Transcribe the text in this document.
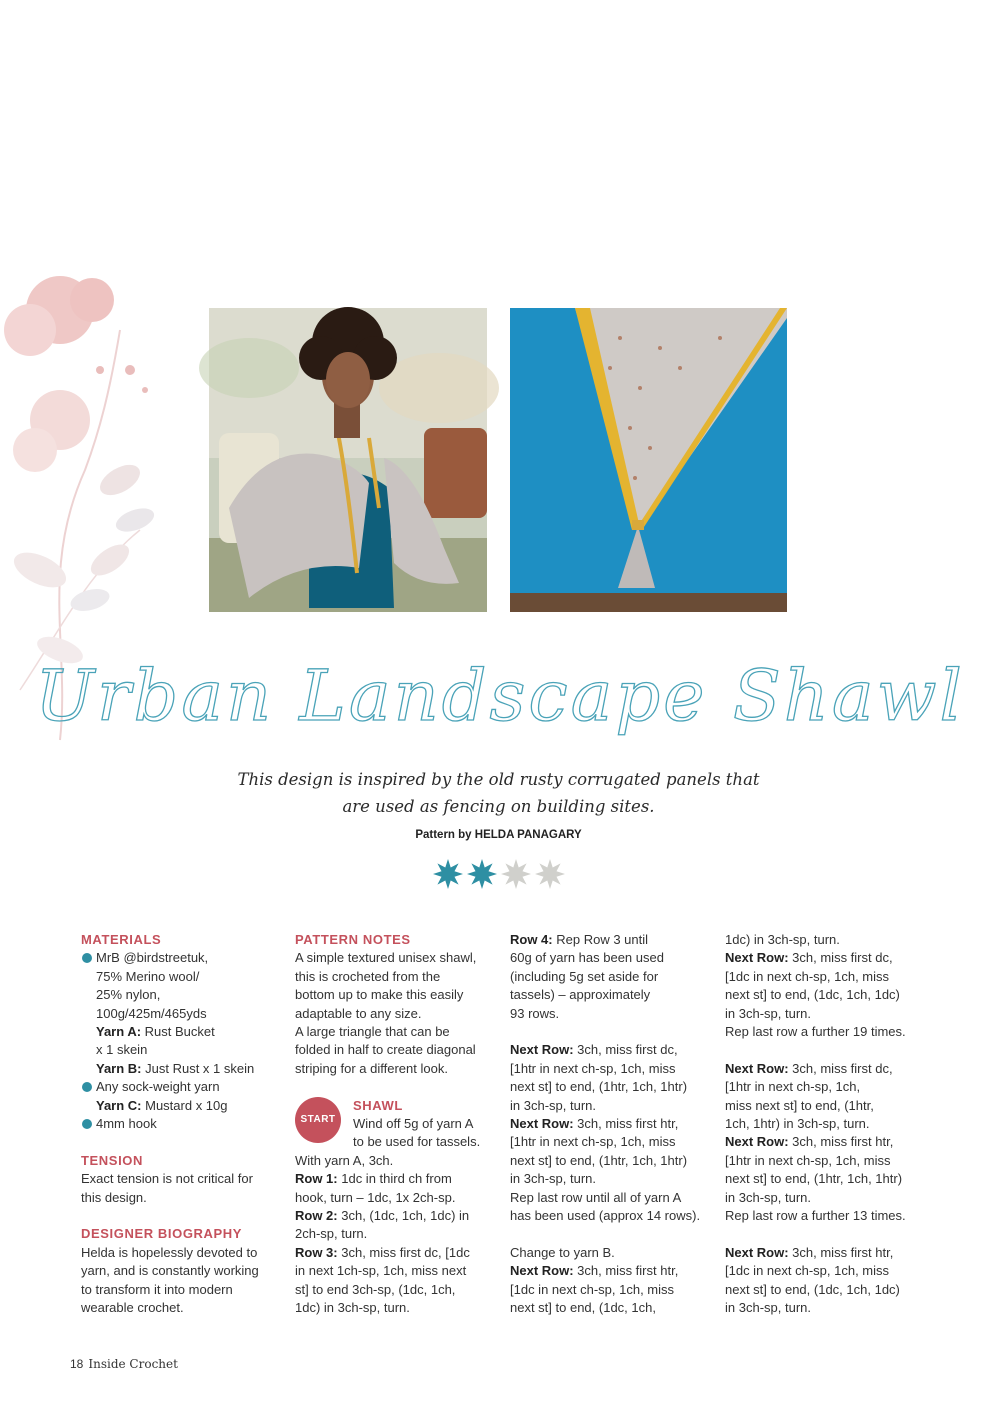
Urban Landscape Shawl
This design is inspired by the old rusty corrugated panels that
are used as fencing on building sites.
Pattern by HELDA PANAGARY

MATERIALS

MrB @birdstreetuk,

75% Merino wool/

25% nylon,

100g/425m/465yds

Yarn A: Rust Bucket

x 1 skein

Yarn B: Just Rust x 1 skein

Any sock-weight yarn

Yarn C: Mustard x 10g

4mm hook

TENSION

Exact tension is not critical for

this design.

DESIGNER BIOGRAPHY

Helda is hopelessly devoted to

yarn, and is constantly working

to transform it into modern

wearable crochet.

PATTERN NOTES

A simple textured unisex shawl,

this is crocheted from the

bottom up to make this easily

adaptable to any size.

A large triangle that can be

folded in half to create diagonal

striping for a different look.

START

SHAWL

Wind off 5g of yarn A

to be used for tassels.

With yarn A, 3ch.

Row 1: 1dc in third ch from

hook, turn – 1dc, 1x 2ch-sp.

Row 2: 3ch, (1dc, 1ch, 1dc) in

2ch-sp, turn.

Row 3: 3ch, miss first dc, [1dc

in next 1ch-sp, 1ch, miss next

st] to end 3ch-sp, (1dc, 1ch,

1dc) in 3ch-sp, turn.

Row 4: Rep Row 3 until

60g of yarn has been used

(including 5g set aside for

tassels) – approximately

93 rows.

Next Row: 3ch, miss first dc,

[1htr in next ch-sp, 1ch, miss

next st] to end, (1htr, 1ch, 1htr)

in 3ch-sp, turn.

Next Row: 3ch, miss first htr,

[1htr in next ch-sp, 1ch, miss

next st] to end, (1htr, 1ch, 1htr)

in 3ch-sp, turn.

Rep last row until all of yarn A

has been used (approx 14 rows).

Change to yarn B.

Next Row: 3ch, miss first htr,

[1dc in next ch-sp, 1ch, miss

next st] to end, (1dc, 1ch,

1dc) in 3ch-sp, turn.

Next Row: 3ch, miss first dc,

[1dc in next ch-sp, 1ch, miss

next st] to end, (1dc, 1ch, 1dc)

in 3ch-sp, turn.

Rep last row a further 19 times.

Next Row: 3ch, miss first dc,

[1htr in next ch-sp, 1ch,

miss next st] to end, (1htr,

1ch, 1htr) in 3ch-sp, turn.

Next Row: 3ch, miss first htr,

[1htr in next ch-sp, 1ch, miss

next st] to end, (1htr, 1ch, 1htr)

in 3ch-sp, turn.

Rep last row a further 13 times.

Next Row: 3ch, miss first htr,

[1dc in next ch-sp, 1ch, miss

next st] to end, (1dc, 1ch, 1dc)

in 3ch-sp, turn.

18 Inside Crochet
